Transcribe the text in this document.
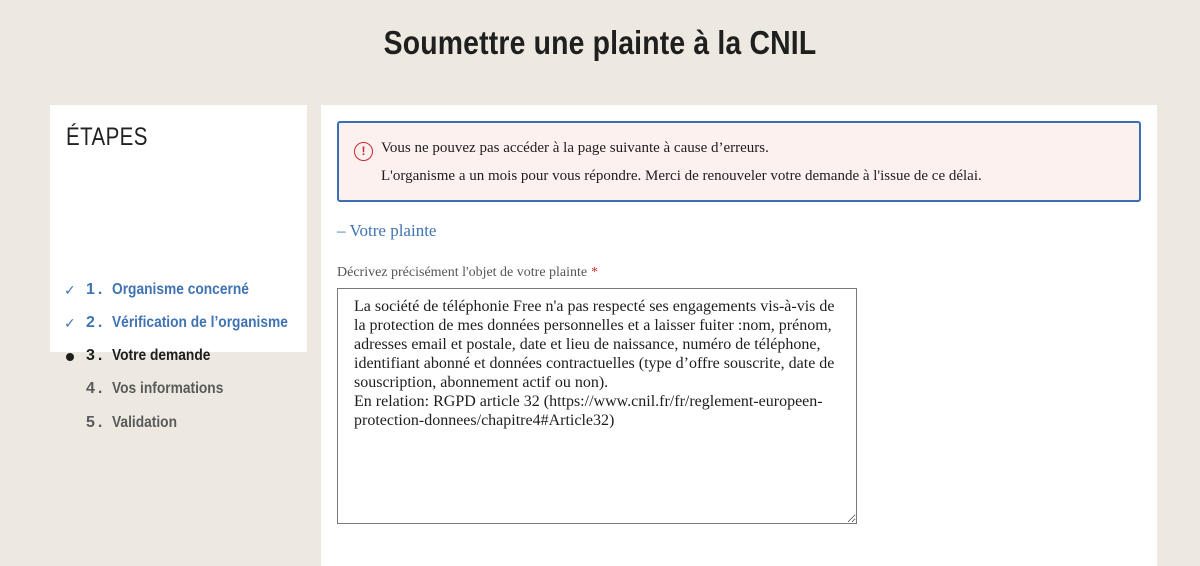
Soumettre une plainte à la CNIL
ÉTAPES
✓ 1. Organisme concerné
✓ 2. Vérification de l’organisme
3. Votre demande
4. Vos informations
5. Validation
!	Vous ne pouvez pas accéder à la page suivante à cause d’erreurs.
L'organisme a un mois pour vous répondre. Merci de renouveler votre demande à l'issue de ce délai.
– Votre plainte
Décrivez précisément l'objet de votre plainte *
La société de téléphonie Free n'a pas respecté ses engagements vis-à-vis de la protection de mes données personnelles et a laisser fuiter :nom, prénom, adresses email et postale, date et lieu de naissance, numéro de téléphone, identifiant abonné et données contractuelles (type d’offre souscrite, date de souscription, abonnement actif ou non). En relation: RGPD article 32 (https://www.cnil.fr/fr/reglement-europeen-protection-donnees/chapitre4#Article32)
